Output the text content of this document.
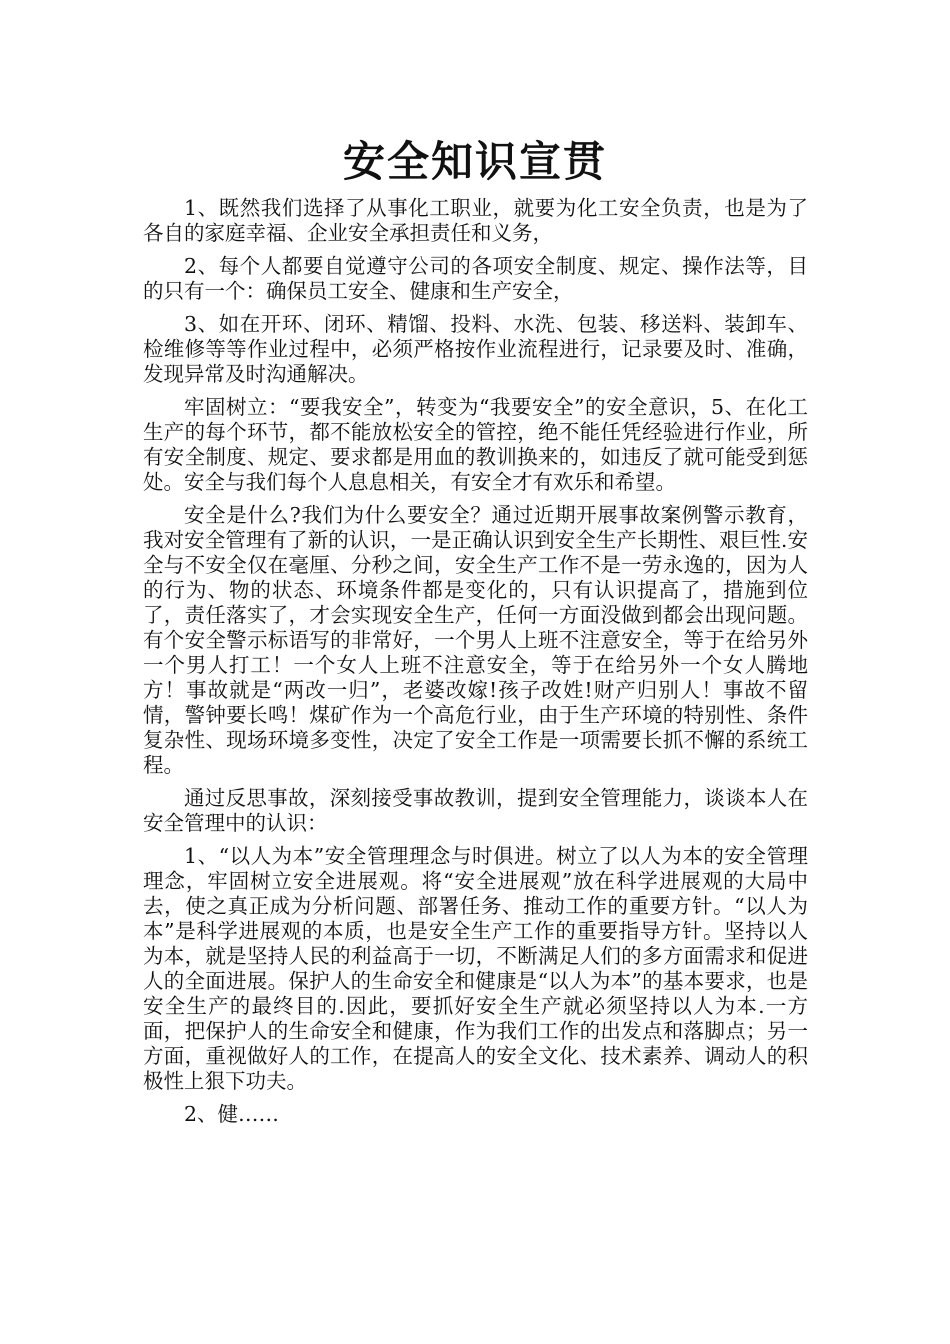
安全知识宣贯

1、既然我们选择了从事化工职业，就要为化工安全负责，也是为了各自的家庭幸福、企业安全承担责任和义务，

2、每个人都要自觉遵守公司的各项安全制度、规定、操作法等，目的只有一个：确保员工安全、健康和生产安全，

3、如在开环、闭环、精馏、投料、水洗、包装、移送料、装卸车、检维修等等作业过程中，必须严格按作业流程进行，记录要及时、准确，发现异常及时沟通解决。

牢固树立：“要我安全”，转变为“我要安全”的安全意识，5、在化工生产的每个环节，都不能放松安全的管控，绝不能任凭经验进行作业，所有安全制度、规定、要求都是用血的教训换来的，如违反了就可能受到惩处。安全与我们每个人息息相关，有安全才有欢乐和希望。

安全是什么?我们为什么要安全？通过近期开展事故案例警示教育，我对安全管理有了新的认识，一是正确认识到安全生产长期性、艰巨性.安全与不安全仅在毫厘、分秒之间，安全生产工作不是一劳永逸的，因为人的行为、物的状态、环境条件都是变化的，只有认识提高了，措施到位了，责任落实了，才会实现安全生产，任何一方面没做到都会出现问题。有个安全警示标语写的非常好，一个男人上班不注意安全，等于在给另外一个男人打工！一个女人上班不注意安全，等于在给另外一个女人腾地方！事故就是“两改一归”，老婆改嫁!孩子改姓!财产归别人！事故不留情，警钟要长鸣！煤矿作为一个高危行业，由于生产环境的特别性、条件复杂性、现场环境多变性，决定了安全工作是一项需要长抓不懈的系统工程。

通过反思事故，深刻接受事故教训，提到安全管理能力，谈谈本人在安全管理中的认识：

1、“以人为本”安全管理理念与时俱进。树立了以人为本的安全管理理念，牢固树立安全进展观。将“安全进展观”放在科学进展观的大局中去，使之真正成为分析问题、部署任务、推动工作的重要方针。“以人为本”是科学进展观的本质，也是安全生产工作的重要指导方针。坚持以人为本，就是坚持人民的利益高于一切，不断满足人们的多方面需求和促进人的全面进展。保护人的生命安全和健康是“以人为本”的基本要求，也是安全生产的最终目的.因此，要抓好安全生产就必须坚持以人为本.一方面，把保护人的生命安全和健康，作为我们工作的出发点和落脚点；另一方面，重视做好人的工作，在提高人的安全文化、技术素养、调动人的积极性上狠下功夫。

2、健……
